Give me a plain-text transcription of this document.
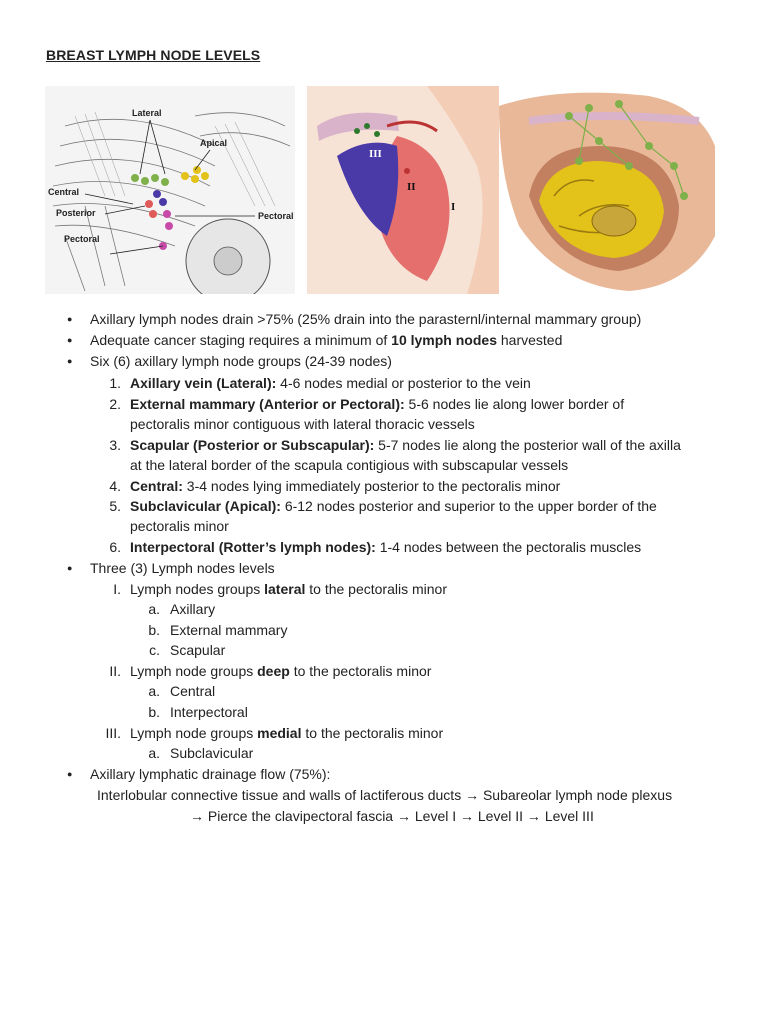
BREAST LYMPH NODE LEVELS
Lateral
Apical
Central
Posterior	Pectoral
Pectoral
III
II
I
● Axillary lymph nodes drain >75% (25% drain into the parasternl/internal mammary group)
● Adequate cancer staging requires a minimum of 10 lymph nodes harvested
● Six (6) axillary lymph node groups (24-39 nodes)
1. Axillary vein (Lateral): 4-6 nodes medial or posterior to the vein
2. External mammary (Anterior or Pectoral): 5-6 nodes lie along lower border of
pectoralis minor contiguous with lateral thoracic vessels
3. Scapular (Posterior or Subscapular): 5-7 nodes lie along the posterior wall of the axilla
at the lateral border of the scapula contigious with subscapular vessels
4. Central: 3-4 nodes lying immediately posterior to the pectoralis minor
5. Subclavicular (Apical): 6-12 nodes posterior and superior to the upper border of the
pectoralis minor
6. Interpectoral (Rotter’s lymph nodes): 1-4 nodes between the pectoralis muscles
● Three (3) Lymph nodes levels
I. Lymph nodes groups lateral to the pectoralis minor
a. Axillary
b. External mammary
c. Scapular
II. Lymph node groups deep to the pectoralis minor
a. Central
b. Interpectoral
III. Lymph node groups medial to the pectoralis minor
a. Subclavicular
● Axillary lymphatic drainage flow (75%):
Interlobular connective tissue and walls of lactiferous ducts → Subareolar lymph node plexus
→ Pierce the clavipectoral fascia → Level I → Level II → Level III
